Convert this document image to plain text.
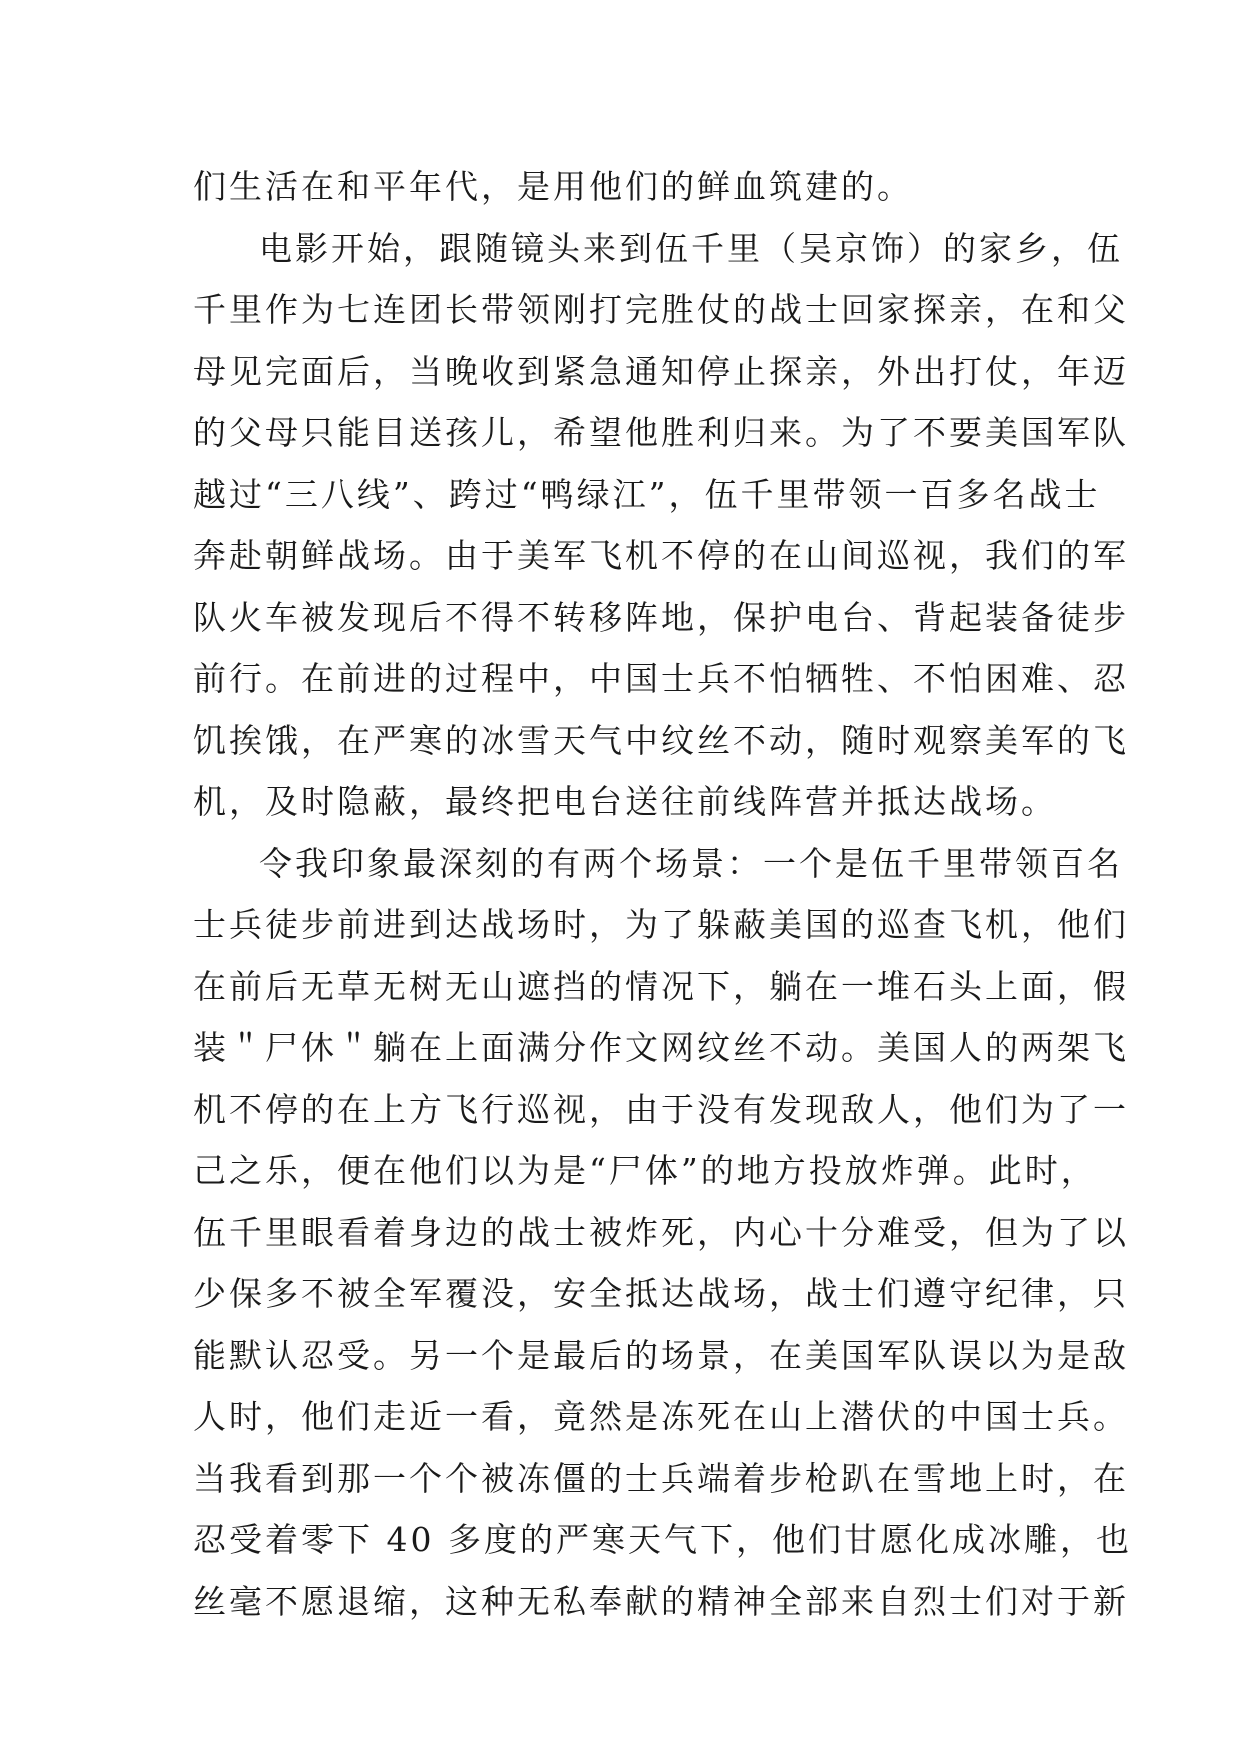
们生活在和平年代，是用他们的鲜血筑建的。
电影开始，跟随镜头来到伍千里（吴京饰）的家乡，伍
千里作为七连团长带领刚打完胜仗的战士回家探亲，在和父
母见完面后，当晚收到紧急通知停止探亲，外出打仗，年迈
的父母只能目送孩儿，希望他胜利归来。为了不要美国军队
越过“三八线”、跨过“鸭绿江”，伍千里带领一百多名战士
奔赴朝鲜战场。由于美军飞机不停的在山间巡视，我们的军
队火车被发现后不得不转移阵地，保护电台、背起装备徒步
前行。在前进的过程中，中国士兵不怕牺牲、不怕困难、忍
饥挨饿，在严寒的冰雪天气中纹丝不动，随时观察美军的飞
机，及时隐蔽，最终把电台送往前线阵营并抵达战场。
令我印象最深刻的有两个场景：一个是伍千里带领百名
士兵徒步前进到达战场时，为了躲蔽美国的巡查飞机，他们
在前后无草无树无山遮挡的情况下，躺在一堆石头上面，假
装＂尸休＂躺在上面满分作文网纹丝不动。美国人的两架飞
机不停的在上方飞行巡视，由于没有发现敌人，他们为了一
己之乐，便在他们以为是“尸体”的地方投放炸弹。此时，
伍千里眼看着身边的战士被炸死，内心十分难受，但为了以
少保多不被全军覆没，安全抵达战场，战士们遵守纪律，只
能默认忍受。另一个是最后的场景，在美国军队误以为是敌
人时，他们走近一看，竟然是冻死在山上潜伏的中国士兵。
当我看到那一个个被冻僵的士兵端着步枪趴在雪地上时，在
忍受着零下 40 多度的严寒天气下，他们甘愿化成冰雕，也
丝毫不愿退缩，这种无私奉献的精神全部来自烈士们对于新
